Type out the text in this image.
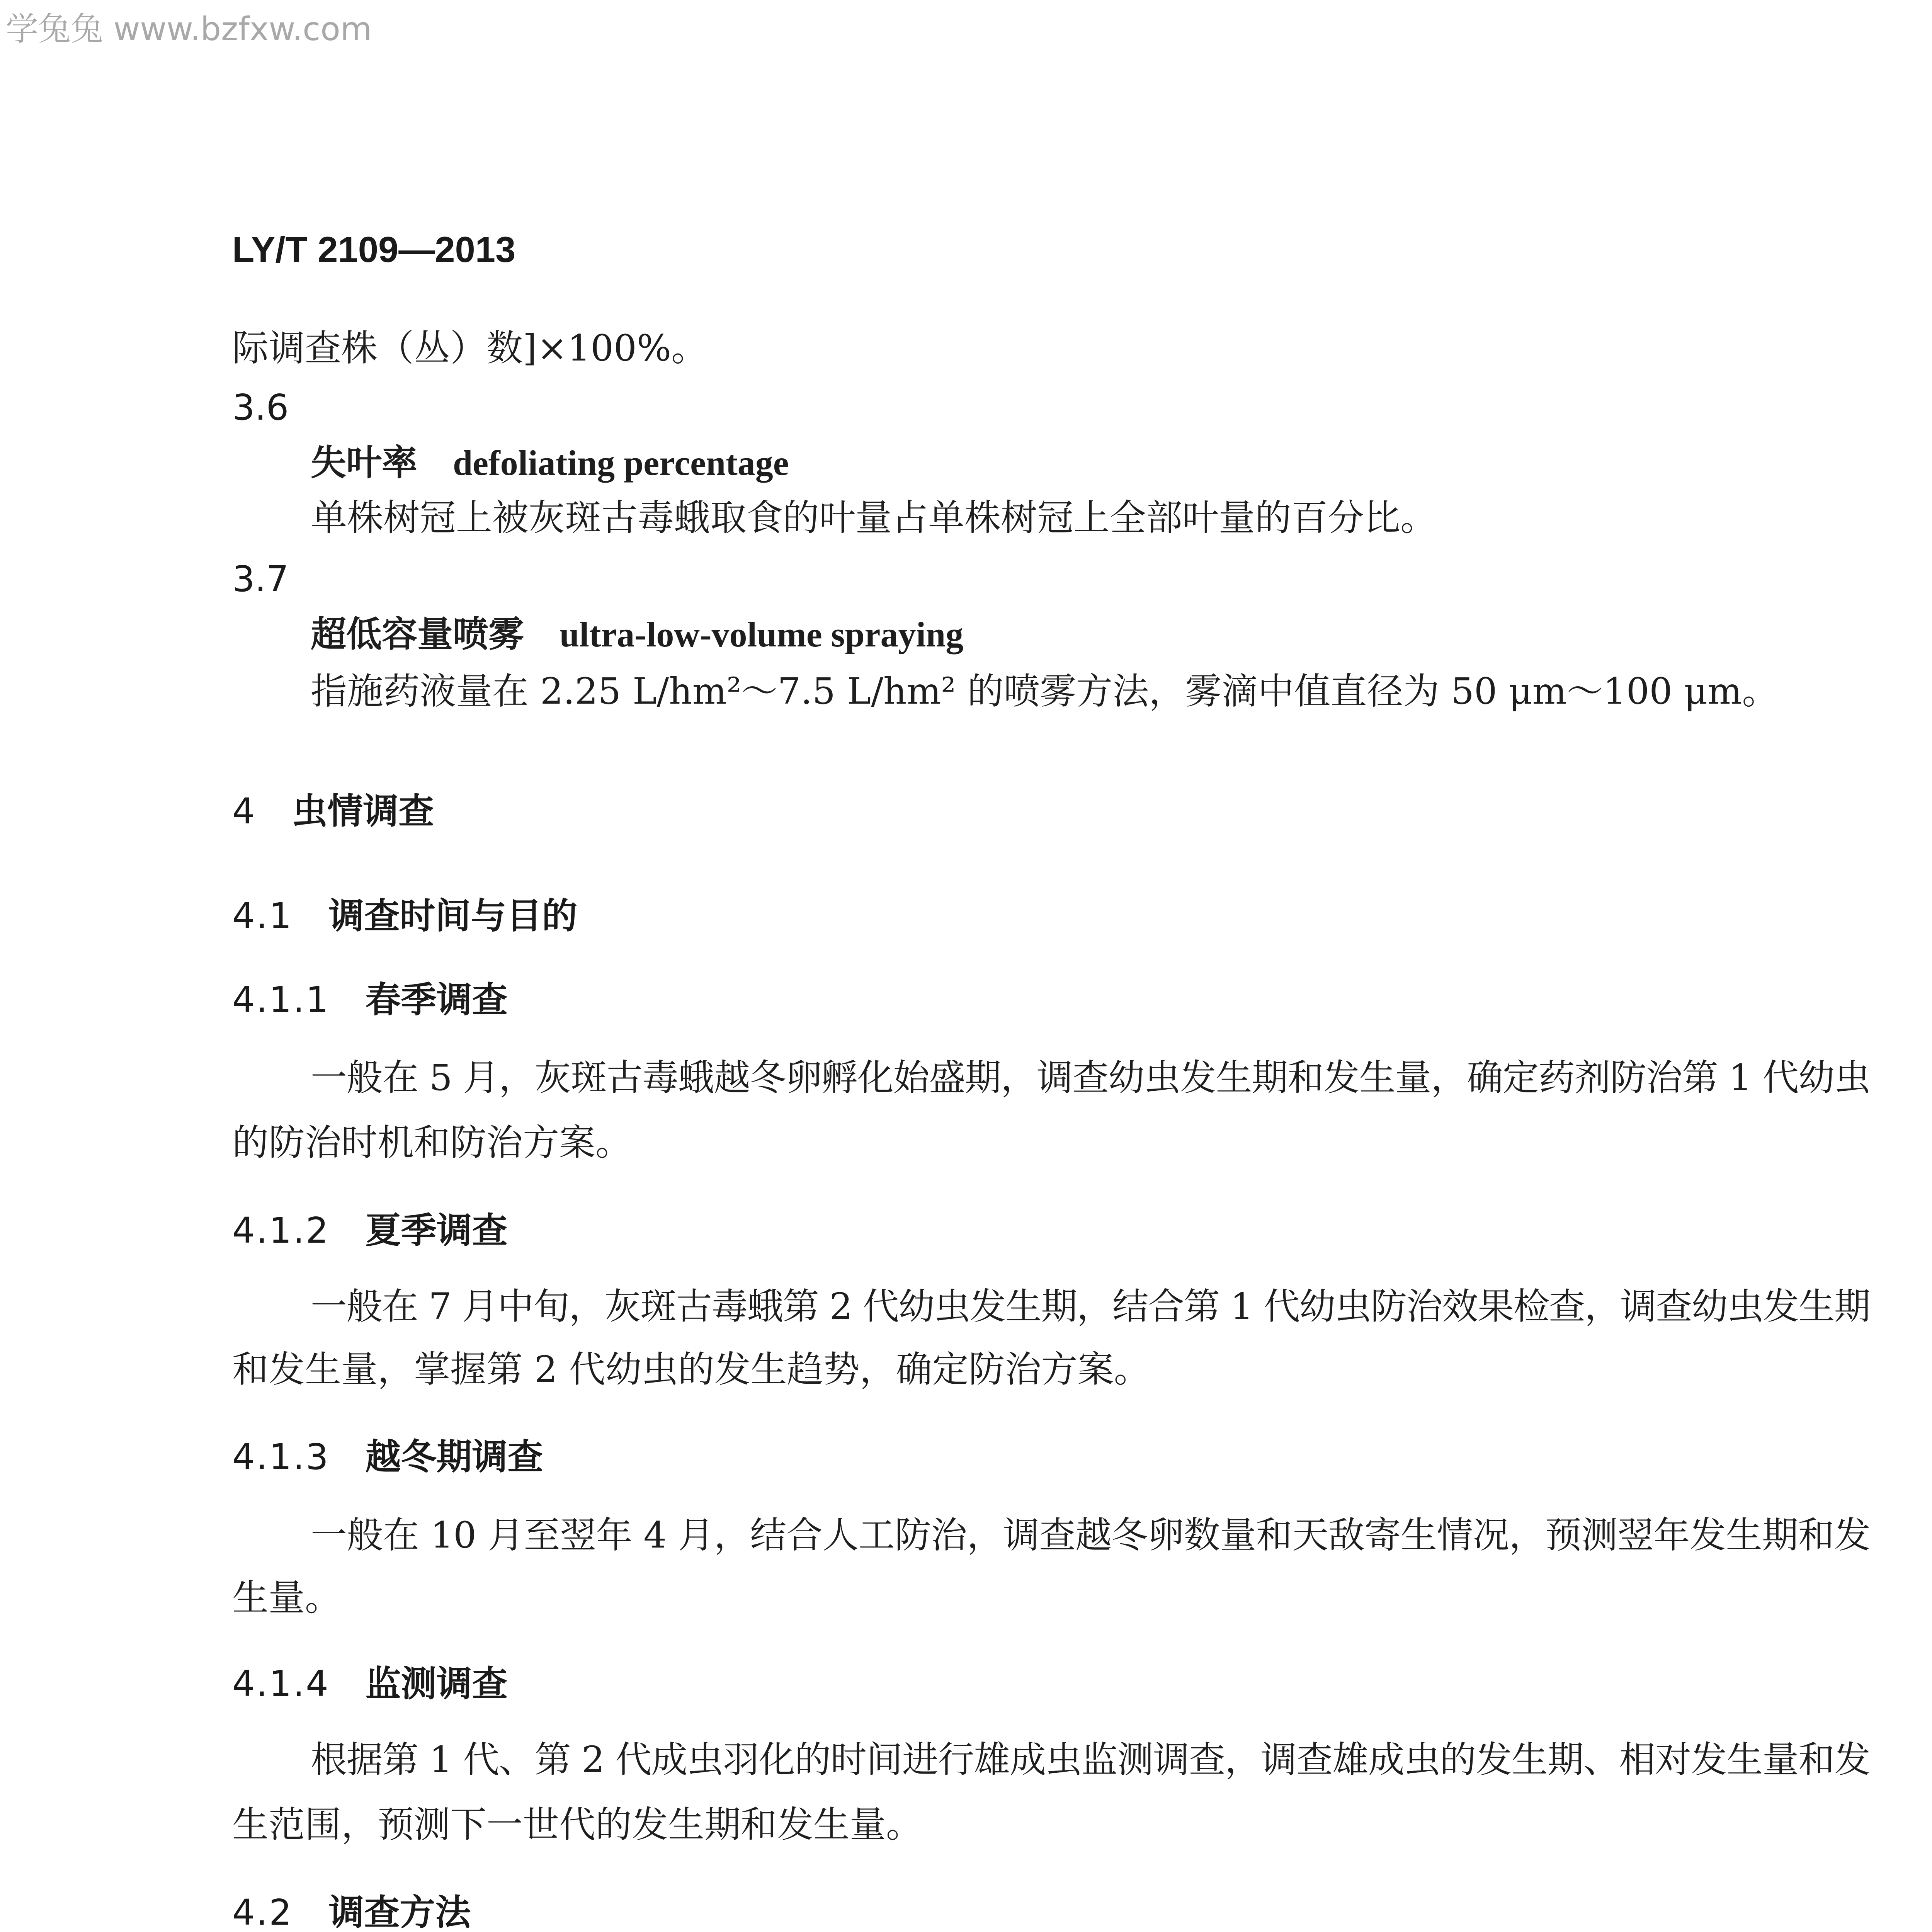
学兔兔 www.bzfxw.com
LY/T 2109—2013
际调查株（丛）数]×100%。
3.6
失叶率 defoliating percentage
单株树冠上被灰斑古毒蛾取食的叶量占单株树冠上全部叶量的百分比。
3.7
超低容量喷雾 ultra-low-volume spraying
指施药液量在 2.25 L/hm²～7.5 L/hm² 的喷雾方法，雾滴中值直径为 50 μm～100 μm。
4 虫情调查
4.1 调查时间与目的
4.1.1 春季调查
一般在 5 月，灰斑古毒蛾越冬卵孵化始盛期，调查幼虫发生期和发生量，确定药剂防治第 1 代幼虫
的防治时机和防治方案。
4.1.2 夏季调查
一般在 7 月中旬，灰斑古毒蛾第 2 代幼虫发生期，结合第 1 代幼虫防治效果检查，调查幼虫发生期
和发生量，掌握第 2 代幼虫的发生趋势，确定防治方案。
4.1.3 越冬期调查
一般在 10 月至翌年 4 月，结合人工防治，调查越冬卵数量和天敌寄生情况，预测翌年发生期和发
生量。
4.1.4 监测调查
根据第 1 代、第 2 代成虫羽化的时间进行雄成虫监测调查，调查雄成虫的发生期、相对发生量和发
生范围，预测下一世代的发生期和发生量。
4.2 调查方法
